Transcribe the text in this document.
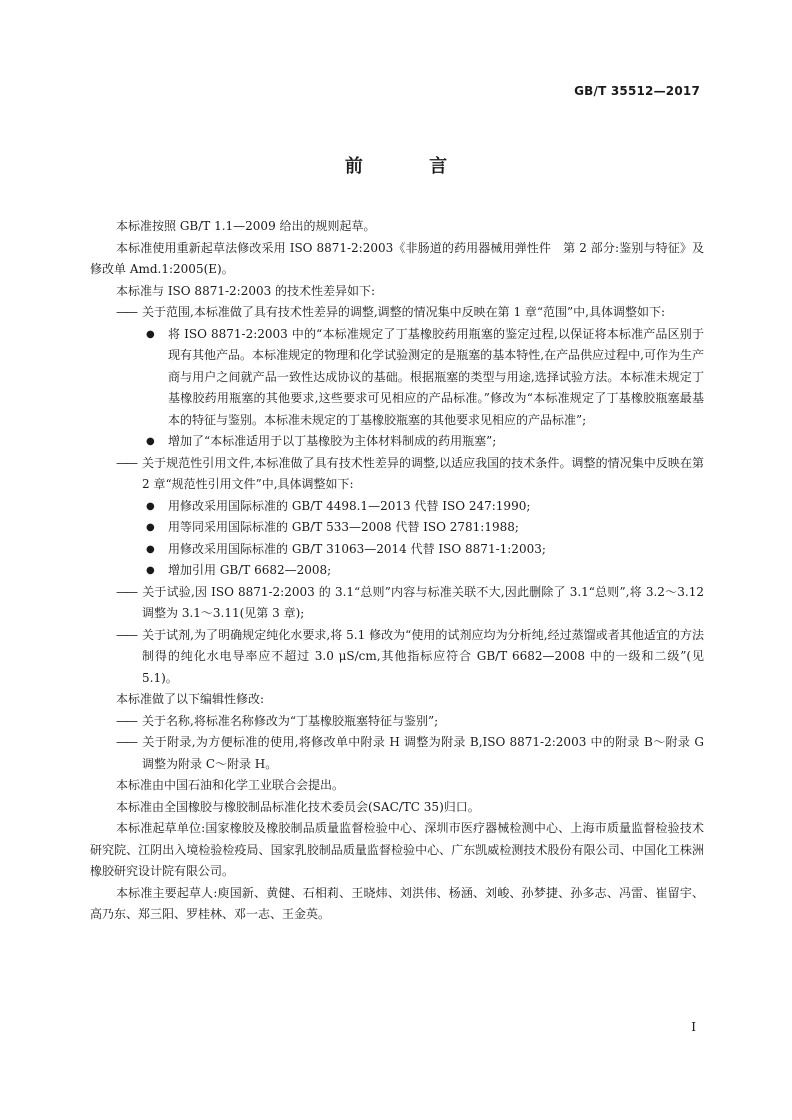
GB/T 35512—2017
前 言

本标准按照 GB/T 1.1—2009 给出的规则起草。

本标准使用重新起草法修改采用 ISO 8871-2:2003《非肠道的药用器械用弹性件　第 2 部分:鉴别与特征》及修改单 Amd.1:2005(E)。

本标准与 ISO 8871-2:2003 的技术性差异如下:

—— 关于范围,本标准做了具有技术性差异的调整,调整的情况集中反映在第 1 章“范围”中,具体调整如下:

● 将 ISO 8871-2:2003 中的“本标准规定了丁基橡胶药用瓶塞的鉴定过程,以保证将本标准产品区别于现有其他产品。本标准规定的物理和化学试验测定的是瓶塞的基本特性,在产品供应过程中,可作为生产商与用户之间就产品一致性达成协议的基础。根据瓶塞的类型与用途,选择试验方法。本标准未规定丁基橡胶药用瓶塞的其他要求,这些要求可见相应的产品标准。”修改为“本标准规定了丁基橡胶瓶塞最基本的特征与鉴别。本标准未规定的丁基橡胶瓶塞的其他要求见相应的产品标准”;

● 增加了“本标准适用于以丁基橡胶为主体材料制成的药用瓶塞”;

—— 关于规范性引用文件,本标准做了具有技术性差异的调整,以适应我国的技术条件。调整的情况集中反映在第 2 章“规范性引用文件”中,具体调整如下:

● 用修改采用国际标准的 GB/T 4498.1—2013 代替 ISO 247:1990;

● 用等同采用国际标准的 GB/T 533—2008 代替 ISO 2781:1988;

● 用修改采用国际标准的 GB/T 31063—2014 代替 ISO 8871-1:2003;

● 增加引用 GB/T 6682—2008;

—— 关于试验,因 ISO 8871-2:2003 的 3.1“总则”内容与标准关联不大,因此删除了 3.1“总则”,将 3.2～3.12 调整为 3.1～3.11(见第 3 章);

—— 关于试剂,为了明确规定纯化水要求,将 5.1 修改为“使用的试剂应均为分析纯,经过蒸馏或者其他适宜的方法制得的纯化水电导率应不超过 3.0 μS/cm,其他指标应符合 GB/T 6682—2008 中的一级和二级”(见 5.1)。

本标准做了以下编辑性修改:

—— 关于名称,将标准名称修改为“丁基橡胶瓶塞特征与鉴别”;

—— 关于附录,为方便标准的使用,将修改单中附录 H 调整为附录 B,ISO 8871-2:2003 中的附录 B～附录 G 调整为附录 C～附录 H。

本标准由中国石油和化学工业联合会提出。

本标准由全国橡胶与橡胶制品标准化技术委员会(SAC/TC 35)归口。

本标准起草单位:国家橡胶及橡胶制品质量监督检验中心、深圳市医疗器械检测中心、上海市质量监督检验技术研究院、江阴出入境检验检疫局、国家乳胶制品质量监督检验中心、广东凯威检测技术股份有限公司、中国化工株洲橡胶研究设计院有限公司。

本标准主要起草人:庾国新、黄健、石相莉、王晓炜、刘洪伟、杨涵、刘峻、孙梦捷、孙多志、冯雷、崔留宇、高乃东、郑三阳、罗桂林、邓一志、王金英。

I
